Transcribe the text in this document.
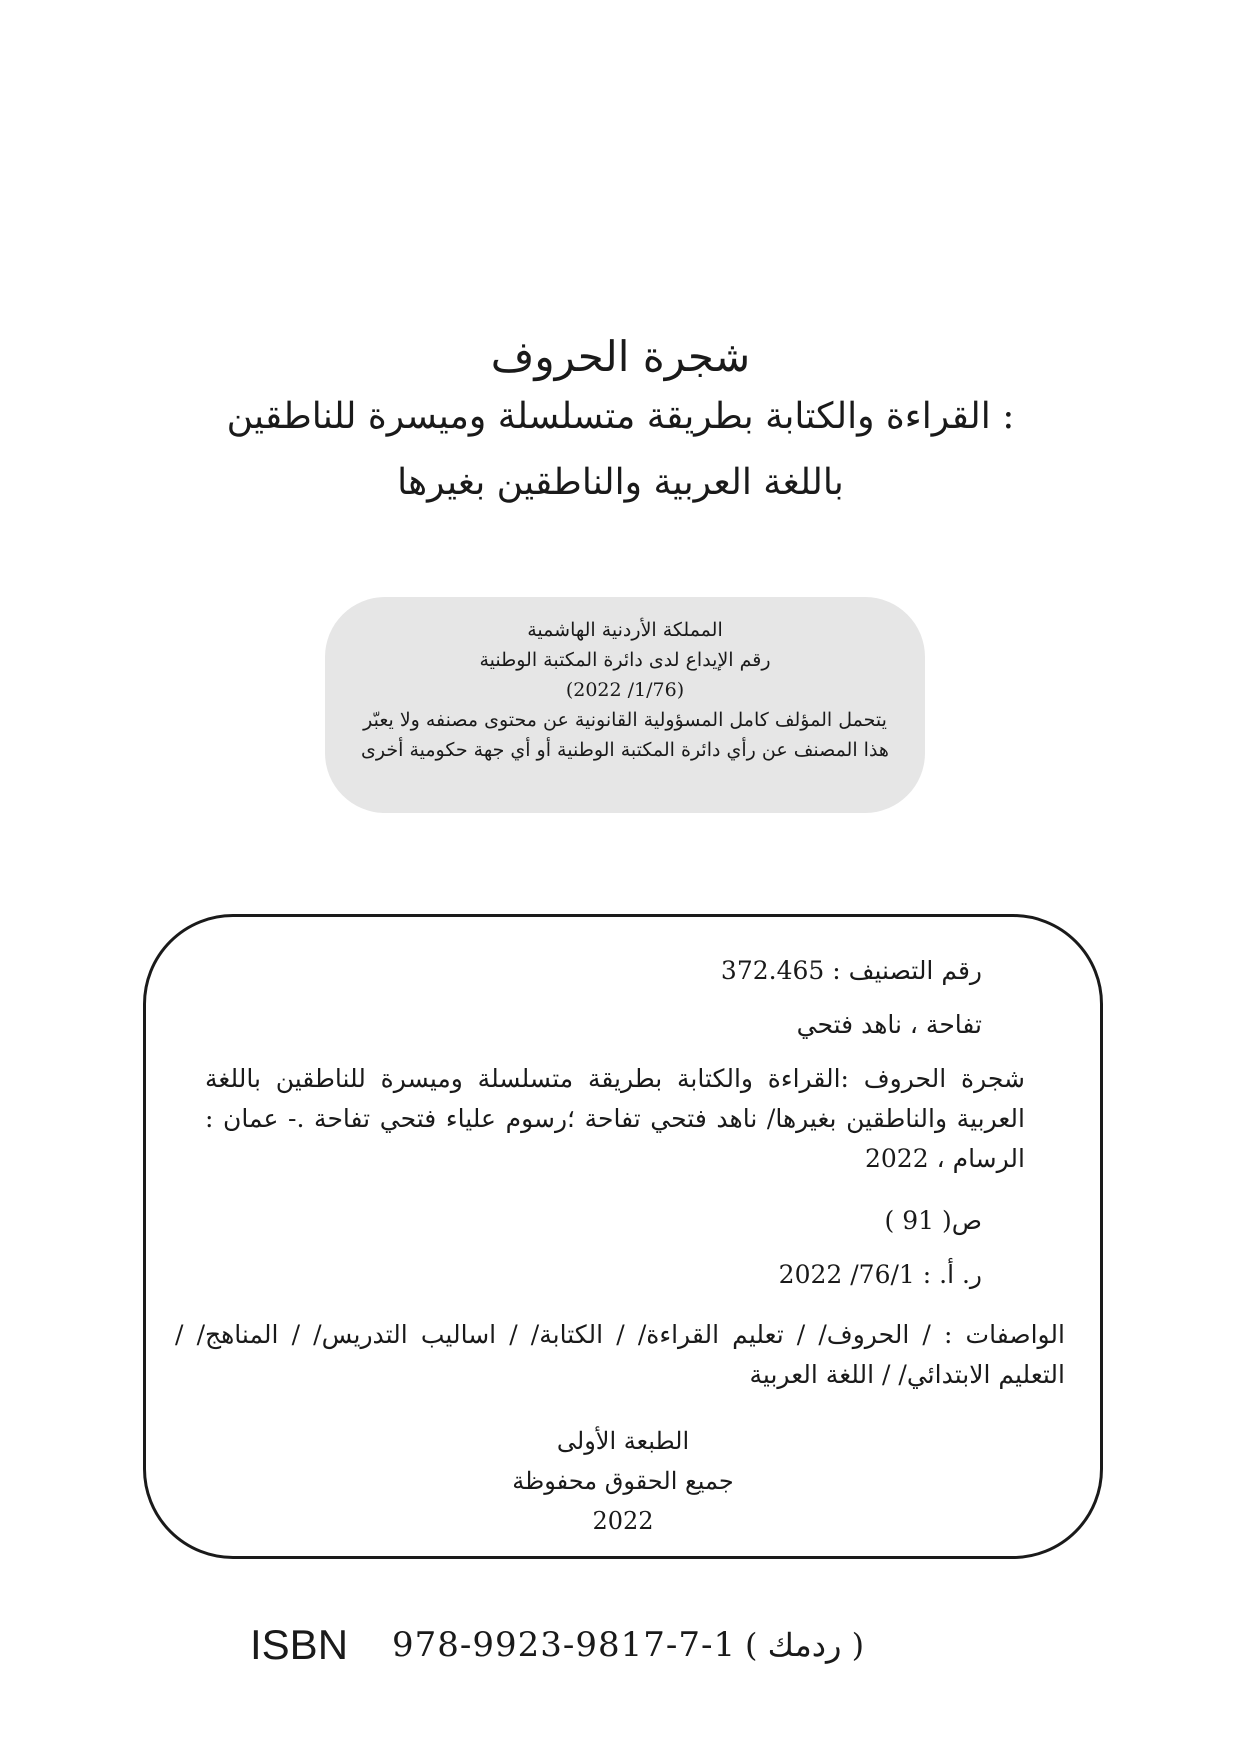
شجرة الحروف

: القراءة والكتابة بطريقة متسلسلة وميسرة للناطقين

باللغة العربية والناطقين بغيرها

المملكة الأردنية الهاشمية
رقم الإيداع لدى دائرة المكتبة الوطنية
(2022 /1/76)
يتحمل المؤلف كامل المسؤولية القانونية عن محتوى مصنفه ولا يعبّر
هذا المصنف عن رأي دائرة المكتبة الوطنية أو أي جهة حكومية أخرى
رقم التصنيف : 372.465
تفاحة ، ناهد فتحي
شجرة الحروف :القراءة والكتابة بطريقة متسلسلة وميسرة للناطقين باللغة العربية والناطقين بغيرها/ ناهد فتحي تفاحة ؛رسوم علياء فتحي تفاحة .- عمان : الرسام ، 2022
ص( 91 )
ر. أ. : 76/1/ 2022
الواصفات : / الحروف/ / تعليم القراءة/ / الكتابة/ / اساليب التدريس/ / المناهج/ / التعليم الابتدائي/ / اللغة العربية
الطبعة الأولى
جميع الحقوق محفوظة
2022
ISBN 978-9923-9817-7-1 ( ردمك )
